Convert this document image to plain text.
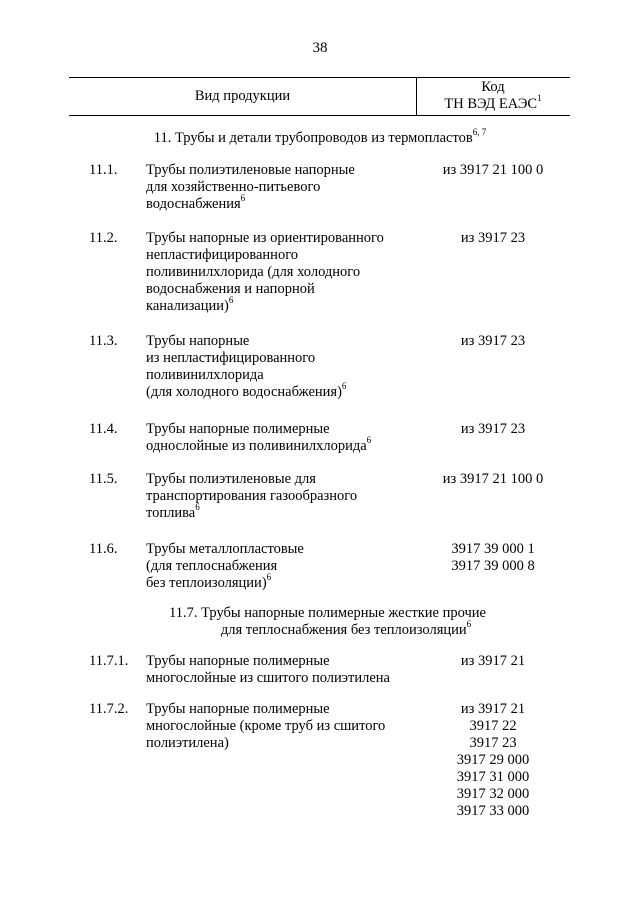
38
Вид продукции
Код
ТН ВЭД ЕАЭС$^1$
11. Трубы и детали трубопроводов из термопластов$^{6, 7}$
11.1. Трубы полиэтиленовые напорные
для хозяйственно-питьевого
водоснабжения$^6$
из 3917 21 100 0
11.2. Трубы напорные из ориентированного
непластифицированного
поливинилхлорида (для холодного
водоснабжения и напорной
канализации)$^6$
из 3917 23
11.3. Трубы напорные
из непластифицированного
поливинилхлорида
(для холодного водоснабжения)$^6$
из 3917 23
11.4. Трубы напорные полимерные
однослойные из поливинилхлорида$^6$
из 3917 23
11.5. Трубы полиэтиленовые для
транспортирования газообразного
топлива$^6$
из 3917 21 100 0
11.6. Трубы металлопластовые
(для теплоснабжения
без теплоизоляции)$^6$
3917 39 000 1
3917 39 000 8
11.7. Трубы напорные полимерные жесткие прочие
для теплоснабжения без теплоизоляции$^6$
11.7.1. Трубы напорные полимерные
многослойные из сшитого полиэтилена
из 3917 21
11.7.2. Трубы напорные полимерные
многослойные (кроме труб из сшитого
полиэтилена)
из 3917 21
3917 22
3917 23
3917 29 000
3917 31 000
3917 32 000
3917 33 000
